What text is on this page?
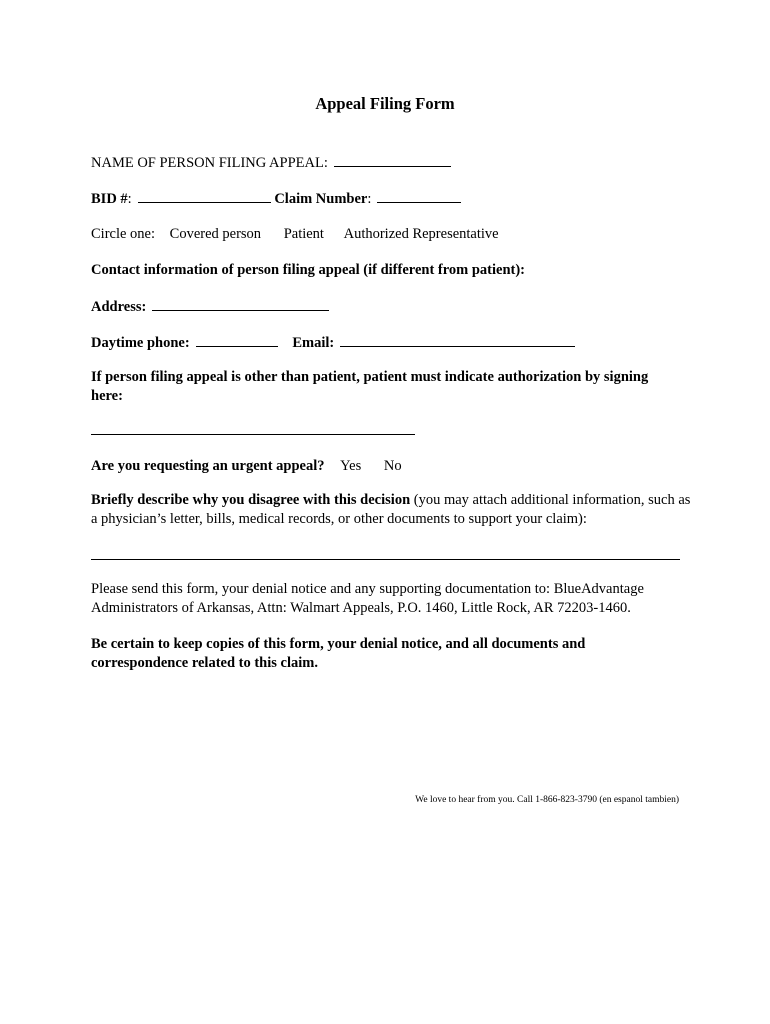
Appeal Filing Form
NAME OF PERSON FILING APPEAL:
BID #:	Claim Number:
Circle one: Covered person Patient Authorized Representative
Contact information of person filing appeal (if different from patient):
Address:
Daytime phone:	Email:
If person filing appeal is other than patient, patient must indicate authorization by signing here:
Are you requesting an urgent appeal? Yes No
Briefly describe why you disagree with this decision (you may attach additional information, such as a physician’s letter, bills, medical records, or other documents to support your claim):
Please send this form, your denial notice and any supporting documentation to: BlueAdvantage Administrators of Arkansas, Attn: Walmart Appeals, P.O. 1460, Little Rock, AR 72203-1460.
Be certain to keep copies of this form, your denial notice, and all documents and correspondence related to this claim.
We love to hear from you. Call 1-866-823-3790 (en espanol tambien)
